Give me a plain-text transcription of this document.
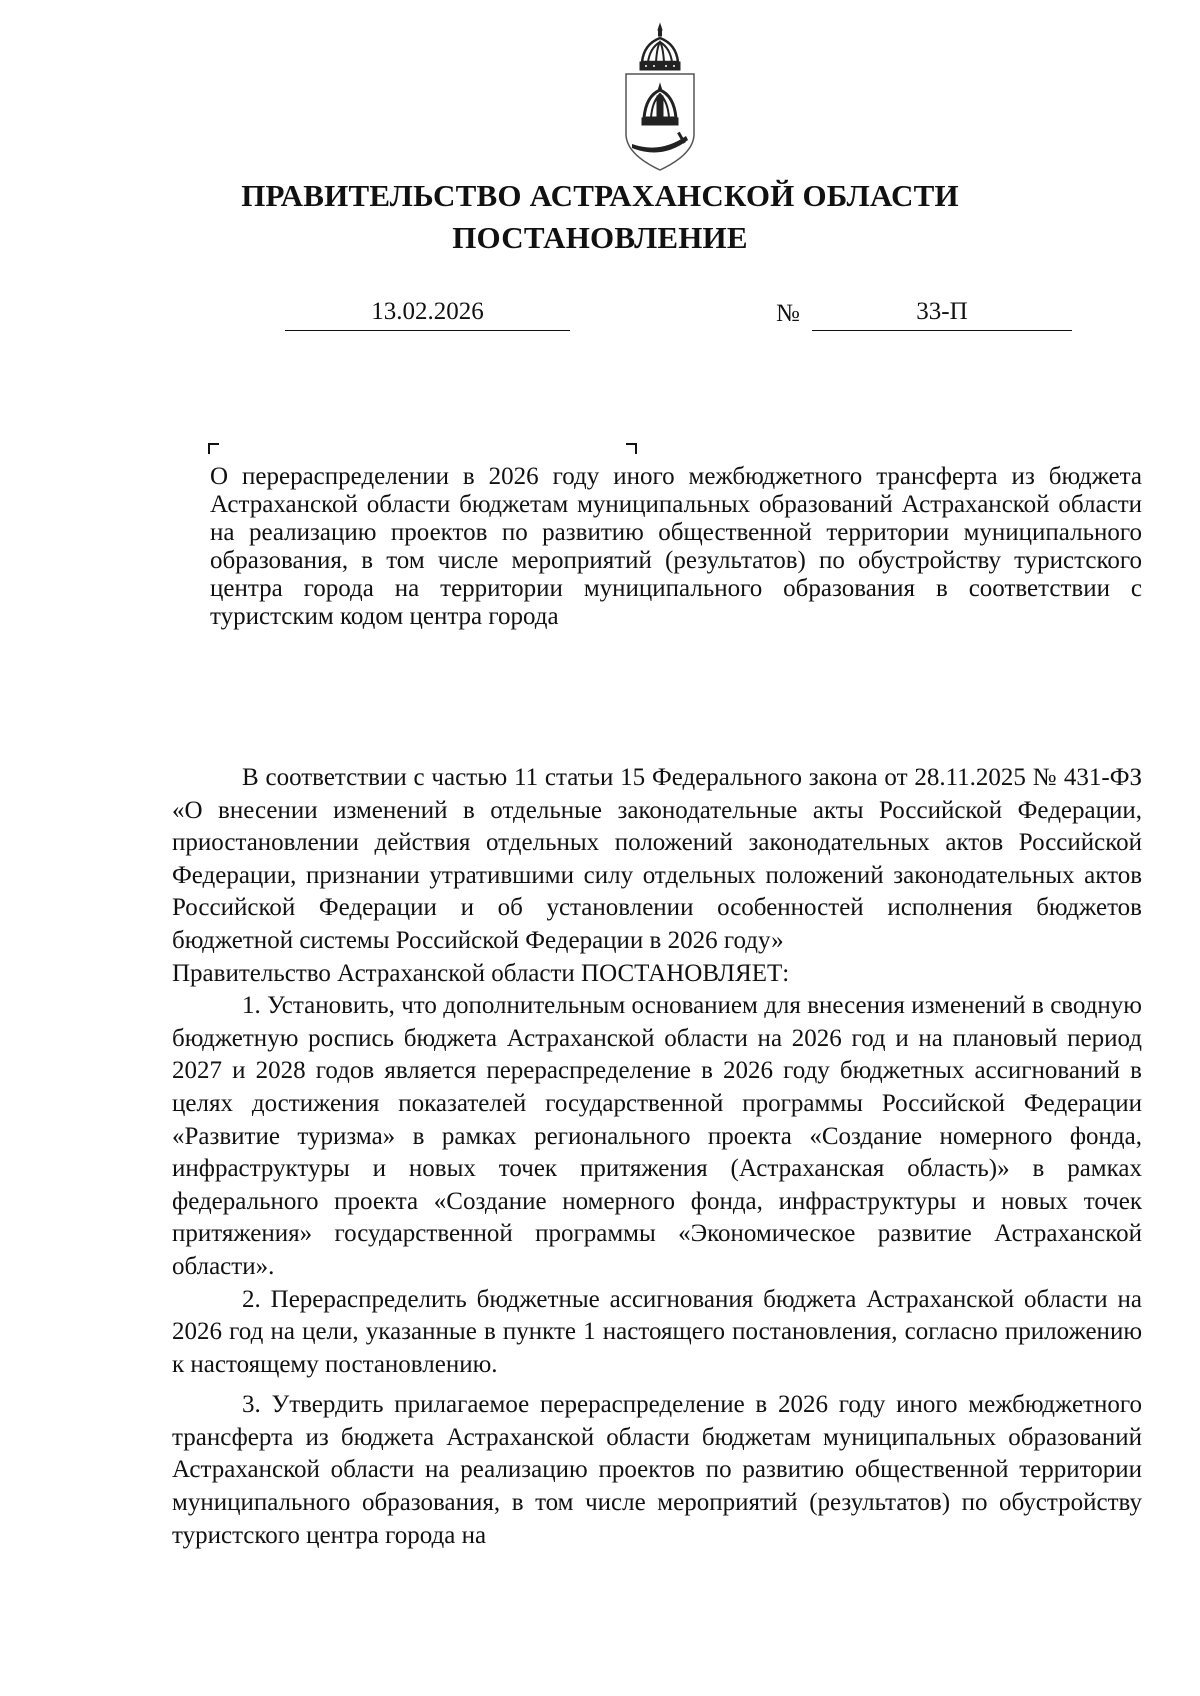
ПРАВИТЕЛЬСТВО АСТРАХАНСКОЙ ОБЛАСТИ
ПОСТАНОВЛЕНИЕ
13.02.2026	№	33-П
О перераспределении в 2026 году иного межбюджетного трансферта из бюджета Астраханской области бюджетам муниципальных образований Астраханской области на реализацию проектов по развитию общественной территории муниципального образования, в том числе мероприятий (результатов) по обустройству туристского центра города на территории муниципального образования в соответствии с туристским кодом центра города

В соответствии с частью 11 статьи 15 Федерального закона от 28.11.2025 № 431-ФЗ «О внесении изменений в отдельные законодательные акты Российской Федерации, приостановлении действия отдельных положений законодательных актов Российской Федерации, признании утратившими силу отдельных положений законодательных актов Российской Федерации и об установлении особенностей исполнения бюджетов бюджетной системы Российской Федерации в 2026 году»

Правительство Астраханской области ПОСТАНОВЛЯЕТ:

1. Установить, что дополнительным основанием для внесения изменений в сводную бюджетную роспись бюджета Астраханской области на 2026 год и на плановый период 2027 и 2028 годов является перераспределение в 2026 году бюджетных ассигнований в целях достижения показателей государственной программы Российской Федерации «Развитие туризма» в рамках регионального проекта «Создание номерного фонда, инфраструктуры и новых точек притяжения (Астраханская область)» в рамках федерального проекта «Создание номерного фонда, инфраструктуры и новых точек притяжения» государственной программы «Экономическое развитие Астраханской области».

2. Перераспределить бюджетные ассигнования бюджета Астраханской области на 2026 год на цели, указанные в пункте 1 настоящего постановления, согласно приложению к настоящему постановлению.

3. Утвердить прилагаемое перераспределение в 2026 году иного межбюджетного трансферта из бюджета Астраханской области бюджетам муниципальных образований Астраханской области на реализацию проектов по развитию общественной территории муниципального образования, в том числе мероприятий (результатов) по обустройству туристского центра города на
